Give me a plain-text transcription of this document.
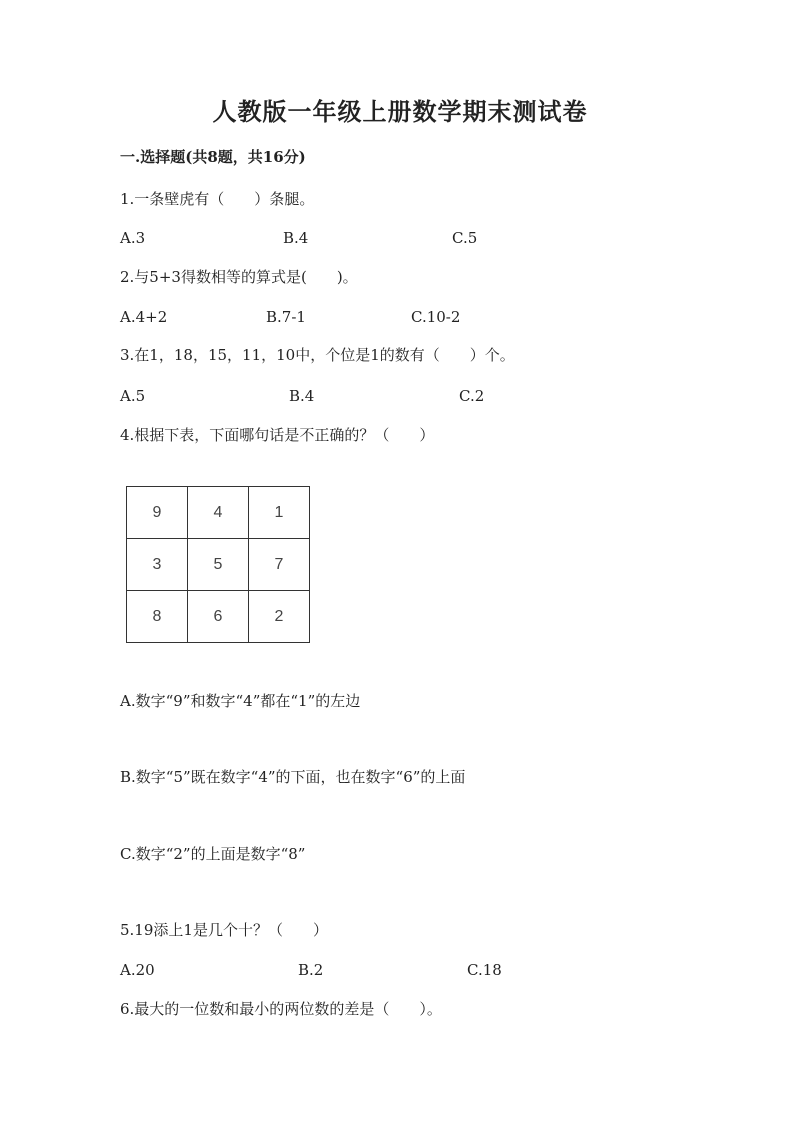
人教版一年级上册数学期末测试卷
一.选择题(共8题，共16分)
1.一条壁虎有（　　）条腿。
A.3	B.4	C.5
2.与5+3得数相等的算式是(　　)。
A.4+2	B.7-1	C.10-2
3.在1，18，15，11，10中，个位是1的数有（　　）个。
A.5	B.4	C.2
4.根据下表，下面哪句话是不正确的？（　　）
9	4	1
3	5	7
8	6	2
A.数字“9”和数字“4”都在“1”的左边
B.数字“5”既在数字“4”的下面，也在数字“6”的上面
C.数字“2”的上面是数字“8”
5.19添上1是几个十？（　　）
A.20	B.2	C.18
6.最大的一位数和最小的两位数的差是（　　）。
